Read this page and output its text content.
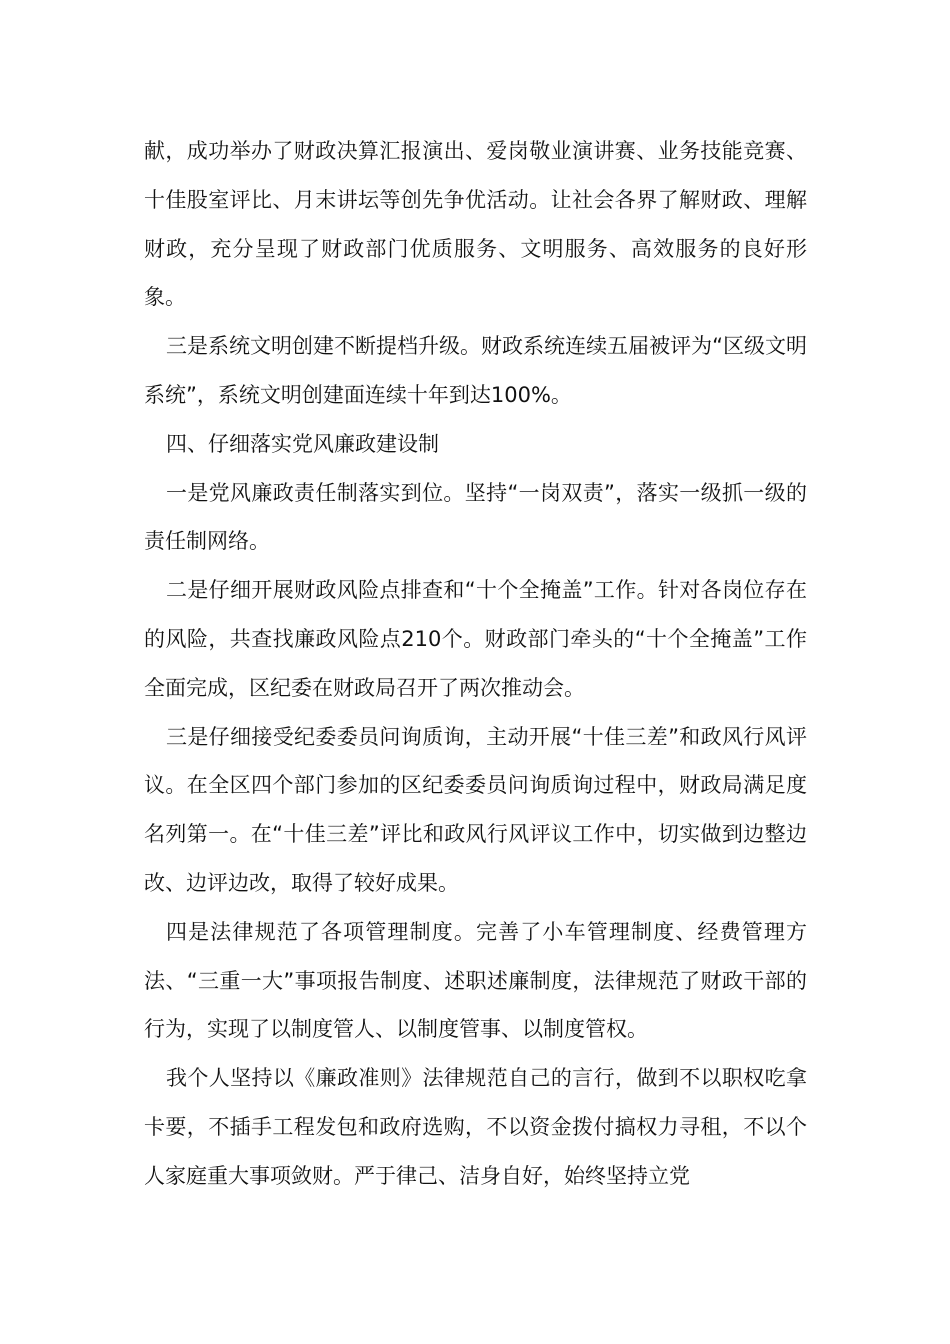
献，成功举办了财政决算汇报演出、爱岗敬业演讲赛、业务技能竞赛、十佳股室评比、月末讲坛等创先争优活动。让社会各界了解财政、理解财政，充分呈现了财政部门优质服务、文明服务、高效服务的良好形象。

三是系统文明创建不断提档升级。财政系统连续五届被评为“区级文明系统”，系统文明创建面连续十年到达100%。

四、仔细落实党风廉政建设制

一是党风廉政责任制落实到位。坚持“一岗双责”，落实一级抓一级的责任制网络。

二是仔细开展财政风险点排查和“十个全掩盖”工作。针对各岗位存在的风险，共查找廉政风险点210个。财政部门牵头的“十个全掩盖”工作全面完成，区纪委在财政局召开了两次推动会。

三是仔细接受纪委委员问询质询，主动开展“十佳三差”和政风行风评议。在全区四个部门参加的区纪委委员问询质询过程中，财政局满足度名列第一。在“十佳三差”评比和政风行风评议工作中，切实做到边整边改、边评边改，取得了较好成果。

四是法律规范了各项管理制度。完善了小车管理制度、经费管理方法、“三重一大”事项报告制度、述职述廉制度，法律规范了财政干部的行为，实现了以制度管人、以制度管事、以制度管权。

我个人坚持以《廉政准则》法律规范自己的言行，做到不以职权吃拿卡要，不插手工程发包和政府选购，不以资金拨付搞权力寻租，不以个人家庭重大事项敛财。严于律己、洁身自好，始终坚持立党
